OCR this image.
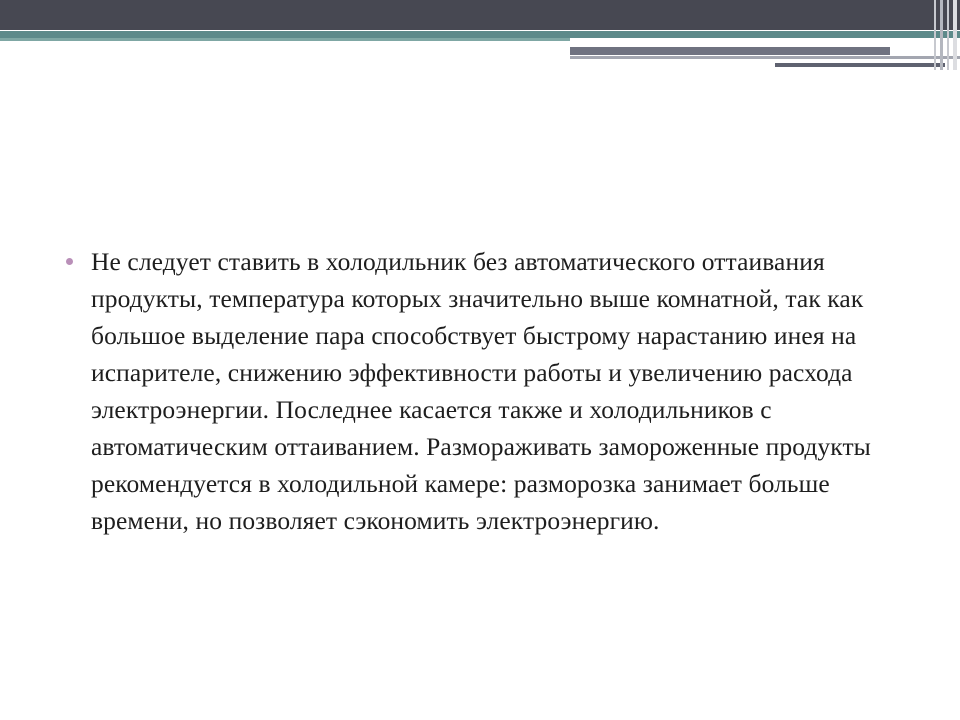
Не следует ставить в холодильник без автоматического оттаивания продукты, температура которых значительно выше комнатной, так как большое выделение пара способствует быстрому нарастанию инея на испарителе, снижению эффективности работы и увеличению расхода электроэнергии. Последнее касается также и холодильников с автоматическим оттаиванием. Размораживать замороженные продукты рекомендуется в холодильной камере: разморозка занимает больше времени, но позволяет сэкономить электроэнергию.
